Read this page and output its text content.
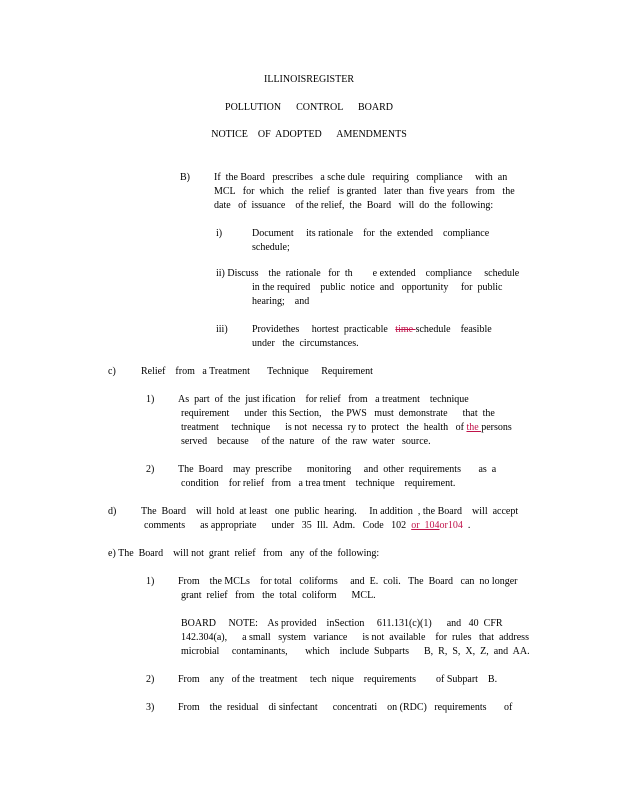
ILLINOISREGISTER
POLLUTION      CONTROL      BOARD
NOTICE    OF  ADOPTED      AMENDMENTS
B) If  the Board   prescribes   a sche dule   requiring   compliance     with  an
MCL   for  which   the  relief   is granted   later  than  five years   from   the
date   of  issuance    of the relief,  the  Board   will  do  the  following:
i)	Document     its rationale    for  the  extended    compliance
schedule;
ii) Discuss    the  rationale   for  th        e extended    compliance     schedule
in the required    public  notice  and   opportunity     for  public
hearing;    and
iii) Providethes     hortest  practicable   time schedule    feasible
under   the  circumstances.
c)	Relief    from   a Treatment       Technique     Requirement
1) As  part  of  the  just ification    for relief   from   a treatment    technique
requirement      under  this Section,    the PWS   must  demonstrate      that  the
treatment     technique      is not  necessa  ry to  protect   the  health   of the persons
served    because     of the  nature   of  the  raw  water   source.
2) The  Board    may  prescribe      monitoring     and  other  requirements       as  a
condition    for relief   from   a trea tment    technique    requirement.
d) The  Board    will  hold  at least   one  public  hearing.     In addition  , the Board    will  accept
comments      as appropriate      under   35  Ill.  Adm.   Code   102  or  104or104  .
e) The  Board    will not  grant  relief   from   any  of the  following:
1) From    the MCLs    for total   coliforms     and  E.  coli.   The  Board   can  no longer
grant  relief   from   the  total  coliform      MCL.
BOARD     NOTE:    As provided    inSection     611.131(c)(1)      and   40  CFR
142.304(a),      a small   system   variance      is not  available    for  rules   that  address
microbial     contaminants,       which    include  Subparts      B,  R,  S,  X,  Z,  and  AA.
2) From    any   of the  treatment     tech  nique    requirements        of Subpart    B.
3) From    the  residual    di sinfectant      concentrati    on (RDC)   requirements       of
